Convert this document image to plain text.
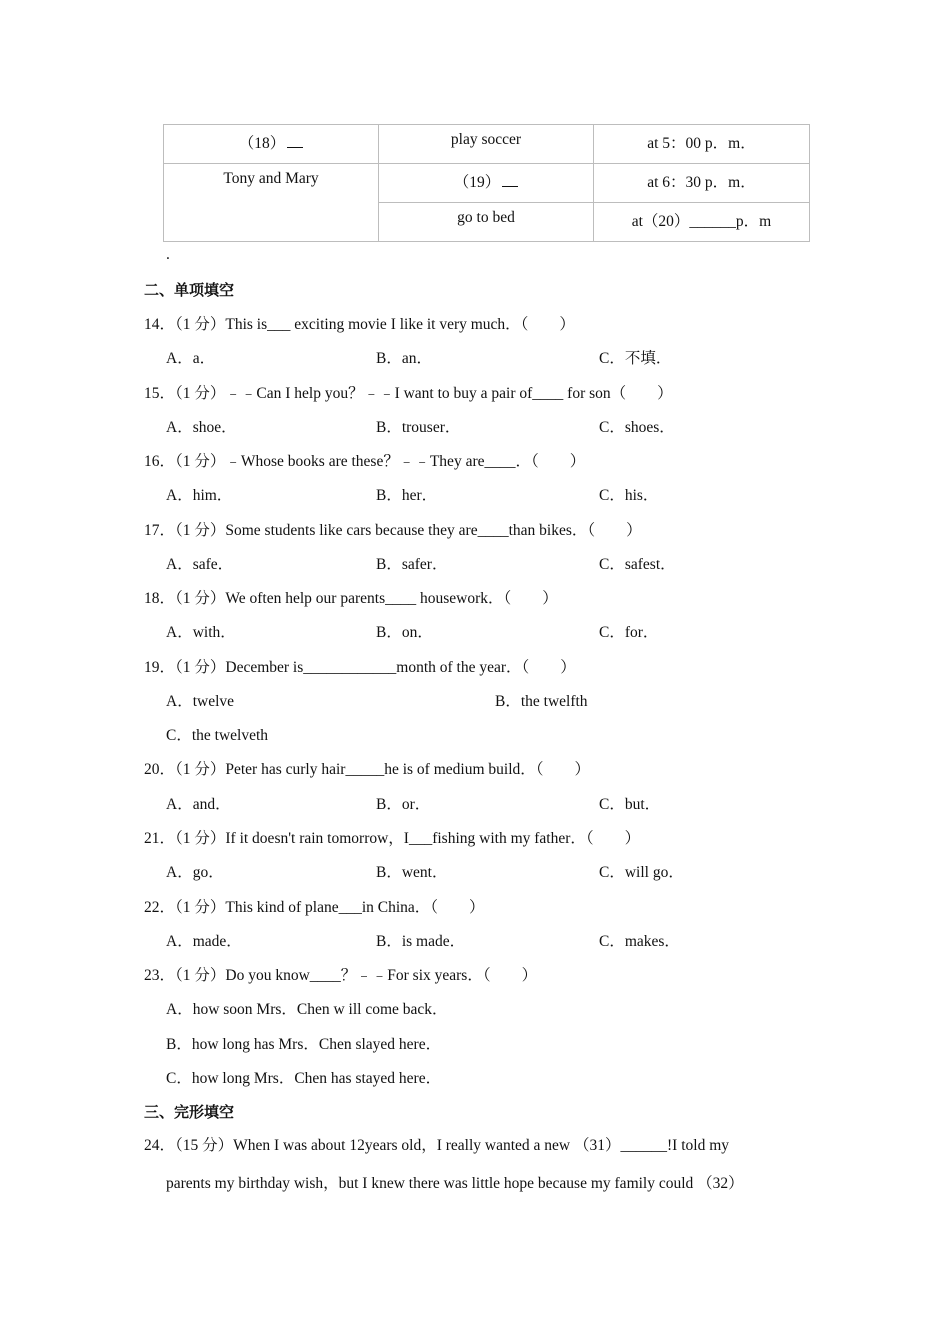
（18）	play soccer	at 5：00 p．m．
Tony and Mary	（19）	at 6：30 p．m．
	go to bed	at（20）______p．m
.
二、单项填空
14．（1 分）This is___ exciting movie I like it very much．（　　）
A．a．	B．an．	C．不填．
15．（1 分）﹣﹣Can I help you？﹣﹣I want to buy a pair of____ for son（　　）
A．shoe．	B．trouser．	C．shoes．
16．（1 分）﹣Whose books are these？﹣﹣They are____．（　　）
A．him．	B．her．	C．his．
17．（1 分）Some students like cars because they are____than bikes．（　　）
A．safe．	B．safer．	C．safest．
18．（1 分）We often help our parents____ housework．（　　）
A．with．	B．on．	C．for．
19．（1 分）December is____________month of the year．（　　）
A．twelve	B．the twelfth
C．the twelveth
20．（1 分）Peter has curly hair_____he is of medium build．（　　）
A．and．	B．or．	C．but．
21．（1 分）If it doesn't rain tomorrow，I___fishing with my father．（　　）
A．go．	B．went．	C．will go．
22．（1 分）This kind of plane___in China．（　　）
A．made．	B．is made．	C．makes．
23．（1 分）Do you know____？﹣﹣For six years．（　　）
A．how soon Mrs．Chen w ill come back．
B．how long has Mrs．Chen slayed here．
C．how long Mrs．Chen has stayed here．
三、完形填空
24．（15 分）When I was about 12years old，I really wanted a new （31）______!I told my
parents my birthday wish，but I knew there was little hope because my family could （32）
